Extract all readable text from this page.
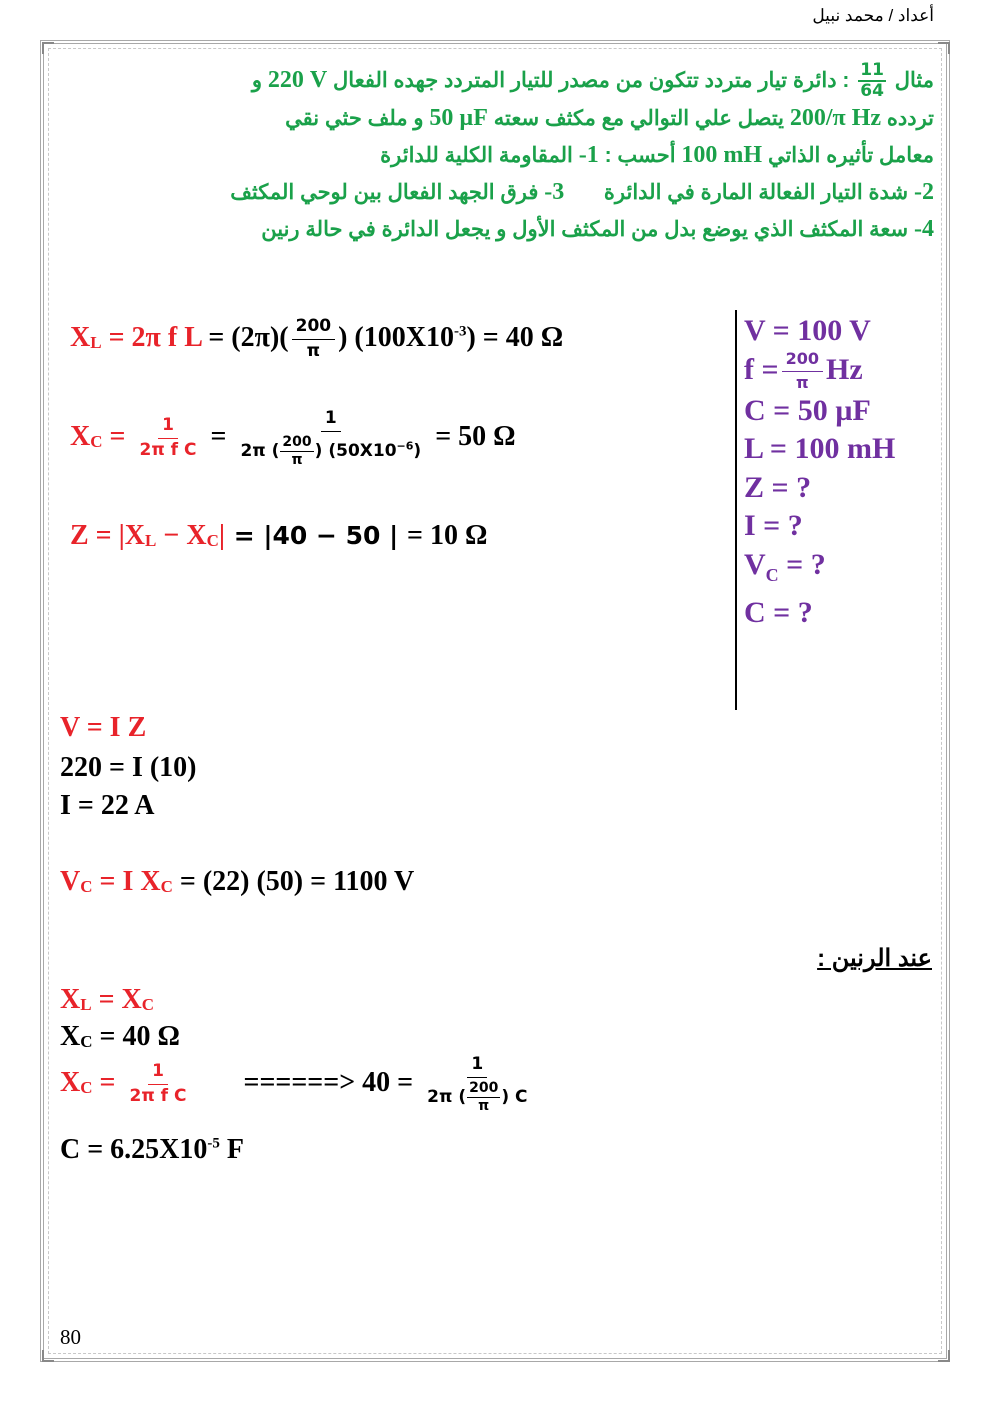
أعداد / محمد نبيل
مثال
$\frac{11}{64}$
: دائرة تيار متردد تتكون من مصدر للتيار المتردد جهده الفعال 220 V و
تردده 200/π Hz يتصل علي التوالي مع مكثف سعته 50 µF و ملف حثي نقي
معامل تأثيره الذاتي 100 mH أحسب : 1- المقاومة الكلية للدائرة
2- شدة التيار الفعالة المارة في الدائرة  3- فرق الجهد الفعال بين لوحي المكثف
4- سعة المكثف الذي يوضع بدل من المكثف الأول و يجعل الدائرة في حالة رنين
$X_L = 2\pi$ f $L = (2\pi)( \frac{200}{\pi}$ ) $(100X10^{-3}) = 40$ Ω
$X_C = \frac{1}{\text{2π f C}} = \frac{1}{2\pi ( \frac{200}{\pi} ) (50X10^{-6})} = 50$ Ω
$Z = |X_L - X_C| = |40 - 50$ | = 10 Ω
V = 100 V
$f = \frac{200}{\pi}$ Hz
C = 50 µF
L = 100 mH
Z = ?
I = ?
$V_C$ = ?
C = ?
V = I Z
220 = I (10)
I = 22 A
$V_C = I$ $X_C = (22) (50) = 1100$ V
عند الرنين :
$X_L = X_C$
$X_C = 40$ Ω
$X_C = \frac{1}{\text{2π f C}}$ ======> $40 = \frac{1}{2\pi ( \frac{200}{\pi} ) C}$
$C = 6.25X10^{-5}$ F
80
